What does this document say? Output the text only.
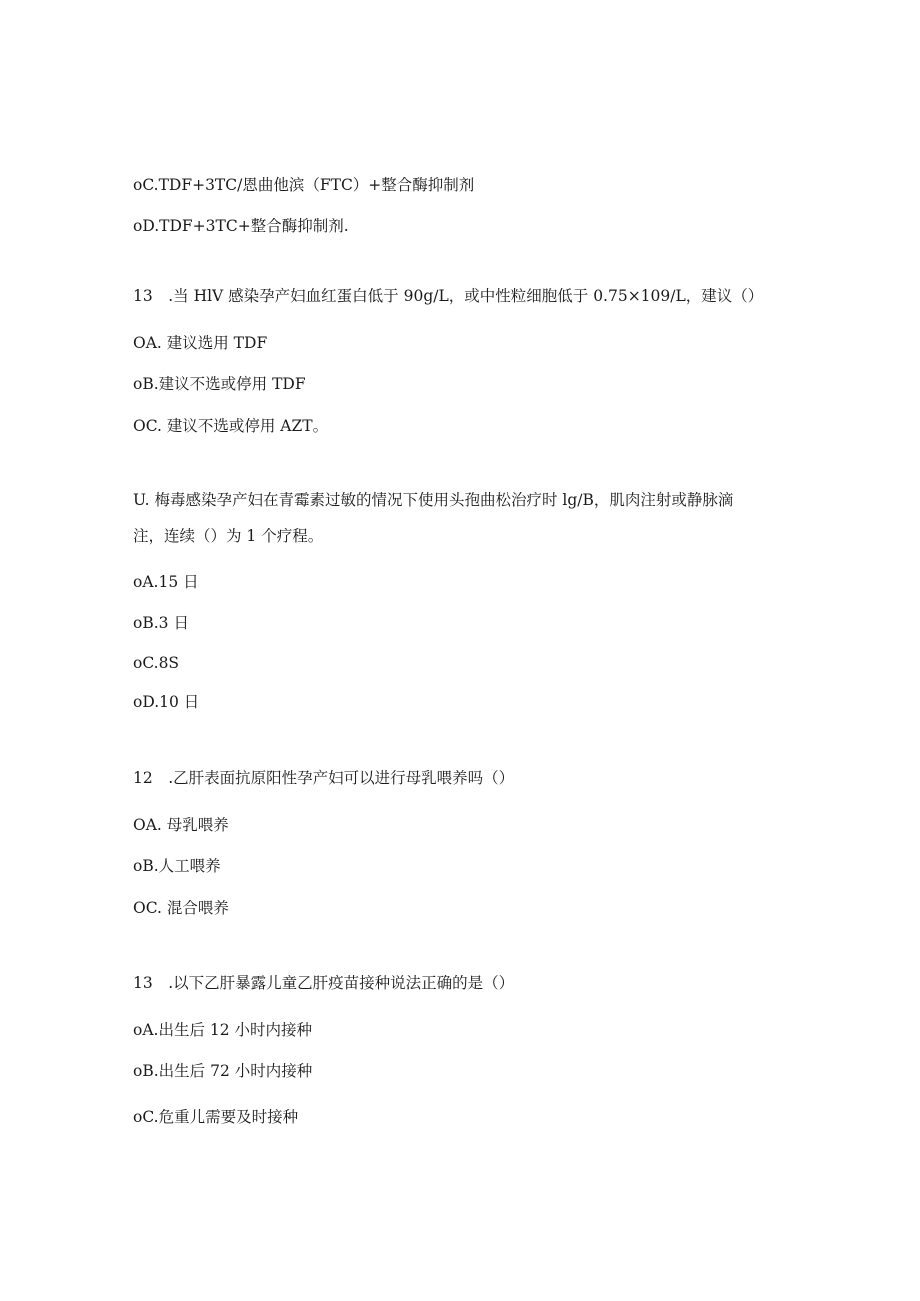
oC.TDF+3TC/恩曲他滨（FTC）+整合酶抑制剂
oD.TDF+3TC+整合酶抑制剂.
13　.当 HlV 感染孕产妇血红蛋白低于 90g∕L，或中性粒细胞低于 0.75×109∕L，建议（）
OA. 建议选用 TDF
oB.建议不选或停用 TDF
OC. 建议不选或停用 AZT。
U. 梅毒感染孕产妇在青霉素过敏的情况下使用头孢曲松治疗时 lg∕B，肌肉注射或静脉滴
注，连续（）为 1 个疗程。
oA.15 日
oB.3 日
oC.8S
oD.10 日
12　.乙肝表面抗原阳性孕产妇可以进行母乳喂养吗（）
OA. 母乳喂养
oB.人工喂养
OC. 混合喂养
13　.以下乙肝暴露儿童乙肝疫苗接种说法正确的是（）
oA.出生后 12 小时内接种
oB.出生后 72 小时内接种
oC.危重儿需要及时接种
